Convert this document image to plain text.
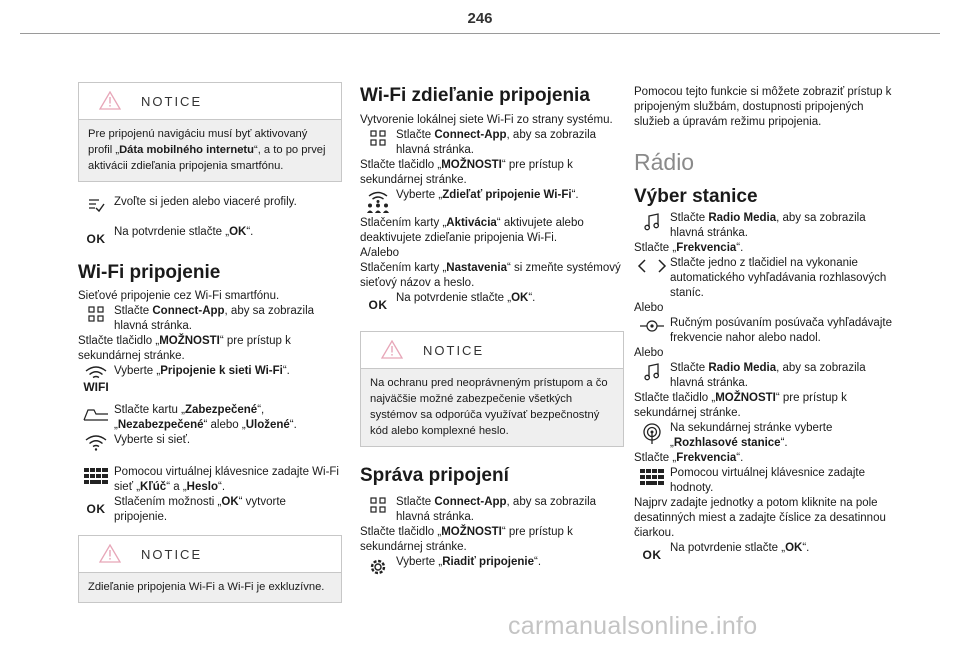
246
NOTICE
Pre pripojenú navigáciu musí byť aktivovaný profil „Dáta mobilného internetu“, a to po prvej aktivácii zdieľania pripojenia smartfónu.
Zvoľte si jeden alebo viaceré profily.
OK Na potvrdenie stlačte „OK“.
Wi-Fi pripojenie

Sieťové pripojenie cez Wi-Fi smartfónu.

Stlačte Connect-App, aby sa zobrazila hlavná stránka.

Stlačte tlačidlo „MOŽNOSTI“ pre prístup k sekundárnej stránke.

WIFI
Vyberte „Pripojenie k sieti Wi-Fi“.
Stlačte kartu „Zabezpečené“, „Nezabezpečené“ alebo „Uložené“.
Vyberte si sieť.
Pomocou virtuálnej klávesnice zadajte Wi-Fi sieť „Kľúč“ a „Heslo“.
OK Stlačením možnosti „OK“ vytvorte pripojenie.
NOTICE
Zdieľanie pripojenia Wi-Fi a Wi-Fi je exkluzívne.
Wi-Fi zdieľanie pripojenia

Vytvorenie lokálnej siete Wi-Fi zo strany systému.

Stlačte Connect-App, aby sa zobrazila hlavná stránka.

Stlačte tlačidlo „MOŽNOSTI“ pre prístup k sekundárnej stránke.

Vyberte „Zdieľať pripojenie Wi-Fi“.

Stlačením karty „Aktivácia“ aktivujete alebo deaktivujete zdieľanie pripojenia Wi-Fi.

A/alebo

Stlačením karty „Nastavenia“ si zmeňte systémový sieťový názov a heslo.

OK Na potvrdenie stlačte „OK“.
NOTICE
Na ochranu pred neoprávneným prístupom a čo najväčšie možné zabezpečenie všetkých systémov sa odporúča využívať bezpečnostný kód alebo komplexné heslo.
Správa pripojení
Stlačte Connect-App, aby sa zobrazila hlavná stránka.

Stlačte tlačidlo „MOŽNOSTI“ pre prístup k sekundárnej stránke.

Vyberte „Riadiť pripojenie“.

Pomocou tejto funkcie si môžete zobraziť prístup k pripojeným službám, dostupnosti pripojených služieb a úpravám režimu pripojenia.

Rádio
Výber stanice
Stlačte Radio Media, aby sa zobrazila hlavná stránka.

Stlačte „Frekvencia“.

Stlačte jedno z tlačidiel na vykonanie automatického vyhľadávania rozhlasových staníc.

Alebo

Ručným posúvaním posúvača vyhľadávajte frekvencie nahor alebo nadol.

Alebo

Stlačte Radio Media, aby sa zobrazila hlavná stránka.

Stlačte tlačidlo „MOŽNOSTI“ pre prístup k sekundárnej stránke.

Na sekundárnej stránke vyberte „Rozhlasové stanice“.

Stlačte „Frekvencia“.

Pomocou virtuálnej klávesnice zadajte hodnoty.

Najprv zadajte jednotky a potom kliknite na pole desatinných miest a zadajte číslice za desatinnou čiarkou.

OK Na potvrdenie stlačte „OK“.
carmanualsonline.info
